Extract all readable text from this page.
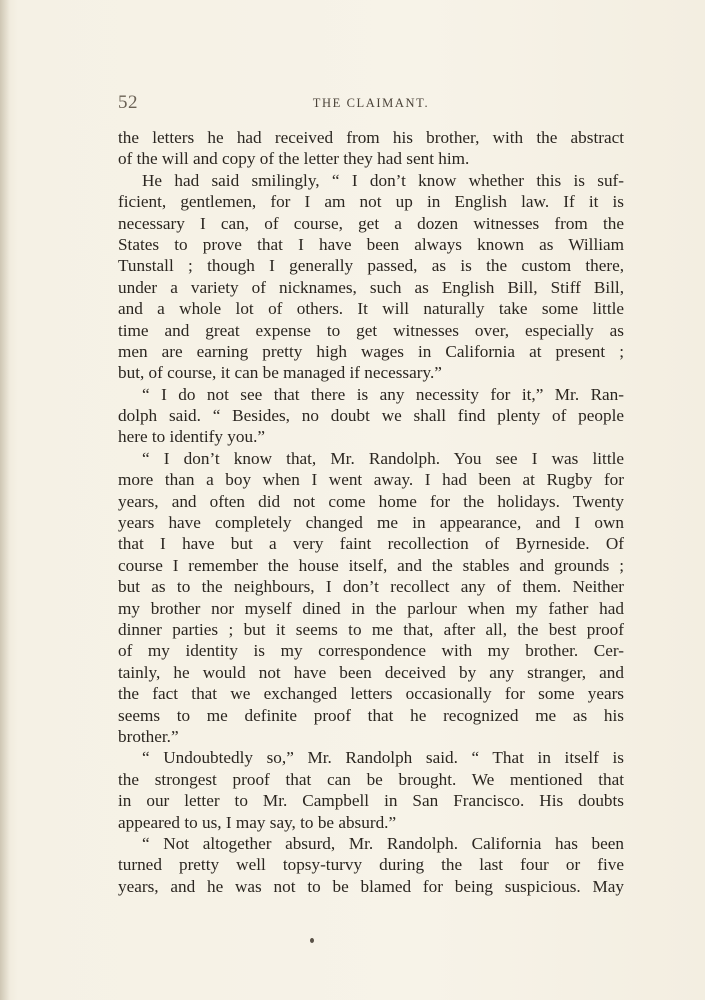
52	THE CLAIMANT.
the letters he had received from his brother, with the abstract
of the will and copy of the letter they had sent him.
He had said smilingly, “ I don’t know whether this is suf-
ficient, gentlemen, for I am not up in English law. If it is
necessary I can, of course, get a dozen witnesses from the
States to prove that I have been always known as William
Tunstall ; though I generally passed, as is the custom there,
under a variety of nicknames, such as English Bill, Stiff Bill,
and a whole lot of others. It will naturally take some little
time and great expense to get witnesses over, especially as
men are earning pretty high wages in California at present ;
but, of course, it can be managed if necessary.”
“ I do not see that there is any necessity for it,” Mr. Ran-
dolph said. “ Besides, no doubt we shall find plenty of people
here to identify you.”
“ I don’t know that, Mr. Randolph. You see I was little
more than a boy when I went away. I had been at Rugby for
years, and often did not come home for the holidays. Twenty
years have completely changed me in appearance, and I own
that I have but a very faint recollection of Byrneside. Of
course I remember the house itself, and the stables and grounds ;
but as to the neighbours, I don’t recollect any of them. Neither
my brother nor myself dined in the parlour when my father had
dinner parties ; but it seems to me that, after all, the best proof
of my identity is my correspondence with my brother. Cer-
tainly, he would not have been deceived by any stranger, and
the fact that we exchanged letters occasionally for some years
seems to me definite proof that he recognized me as his
brother.”
“ Undoubtedly so,” Mr. Randolph said. “ That in itself is
the strongest proof that can be brought. We mentioned that
in our letter to Mr. Campbell in San Francisco. His doubts
appeared to us, I may say, to be absurd.”
“ Not altogether absurd, Mr. Randolph. California has been
turned pretty well topsy-turvy during the last four or five
years, and he was not to be blamed for being suspicious. May
